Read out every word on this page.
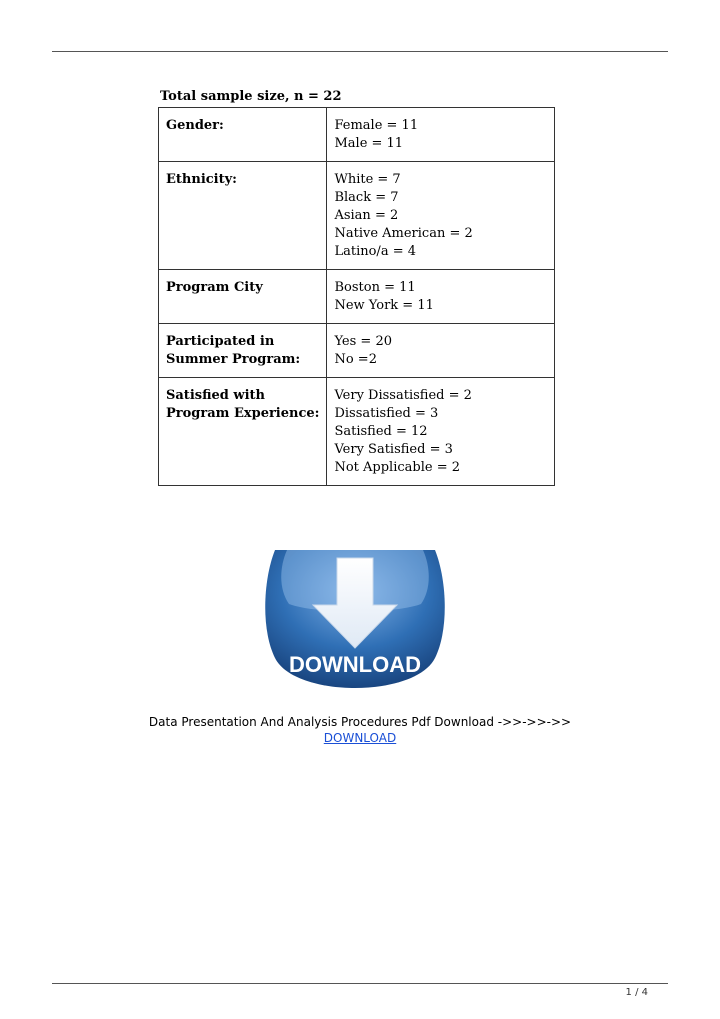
Total sample size, n = 22
Gender:	Female = 11
Male = 11

Ethnicity:	White = 7
Black = 7
Asian = 2
Native American = 2
Latino/a = 4

Program City	Boston = 11
New York = 11

Participated in
Summer Program:	Yes = 20
No =2

Satisfied with
Program Experience:	Very Dissatisfied = 2
Dissatisfied = 3
Satisfied = 12
Very Satisfied = 3
Not Applicable = 2
DOWNLOAD
Data Presentation And Analysis Procedures Pdf Download ->>->>->>
DOWNLOAD
1 / 4
